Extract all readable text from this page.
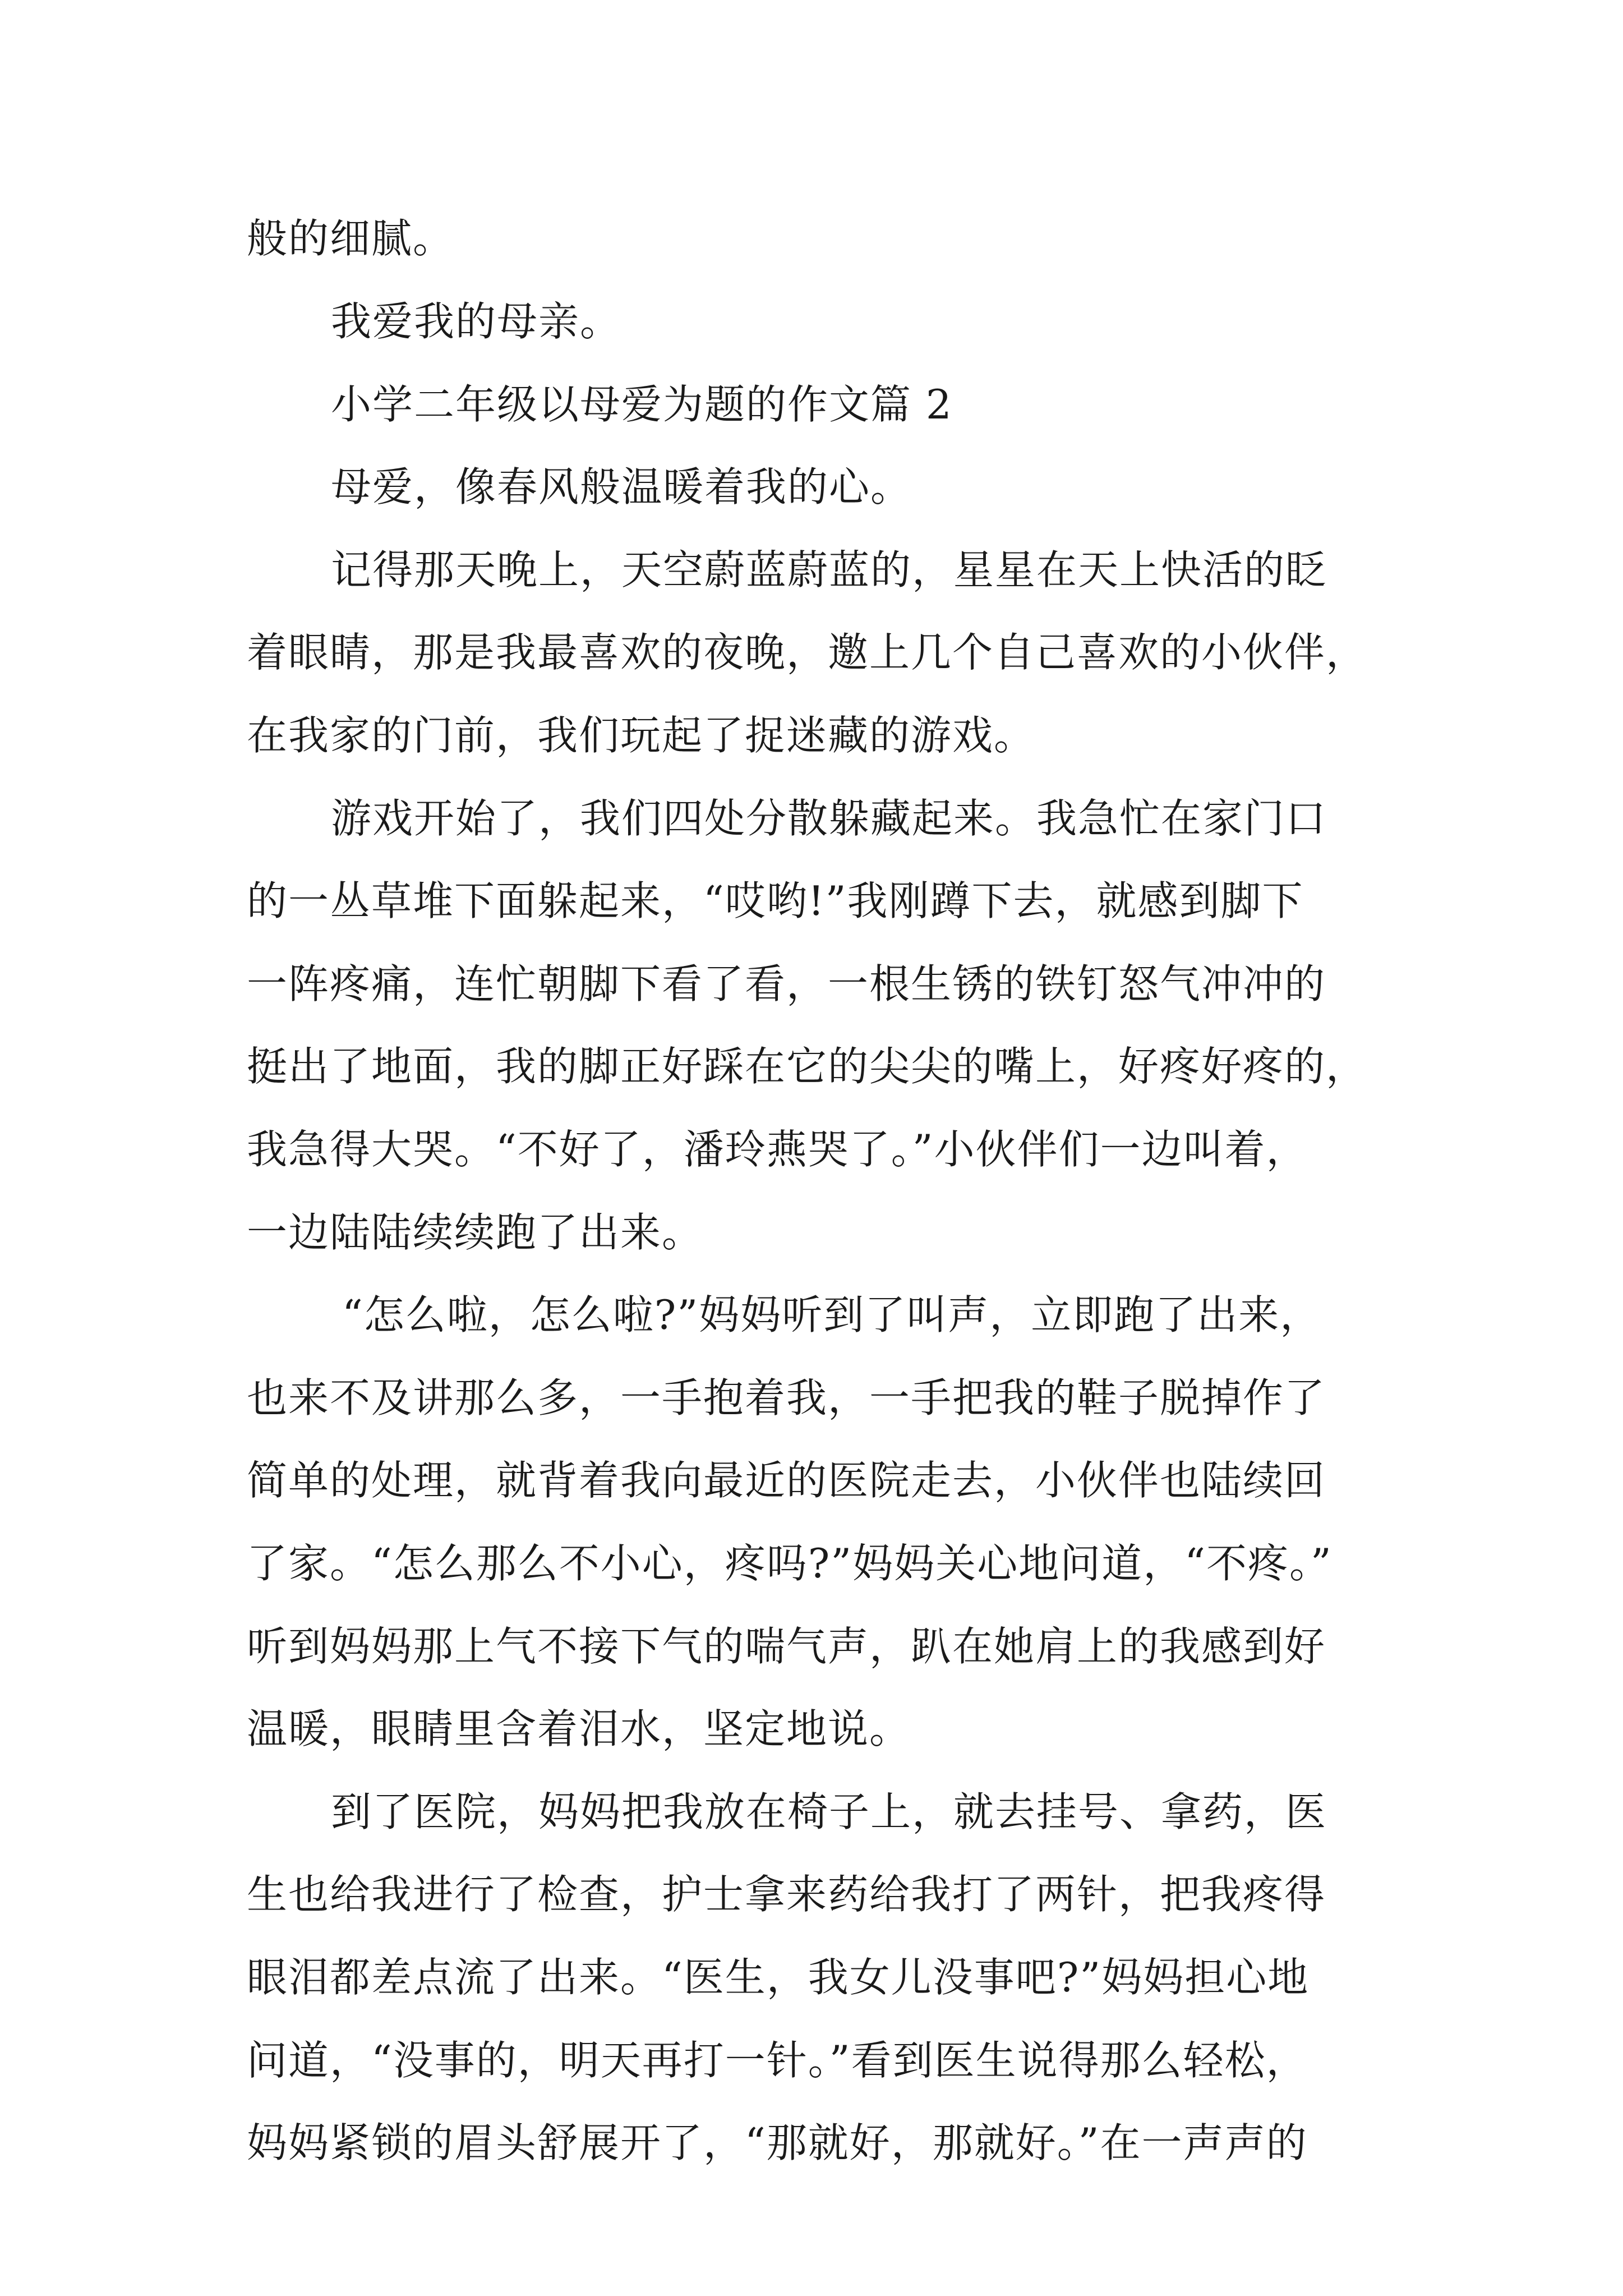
般的细腻。
我爱我的母亲。
小学二年级以母爱为题的作文篇 2
母爱，像春风般温暖着我的心。
记得那天晚上，天空蔚蓝蔚蓝的，星星在天上快活的眨
着眼睛，那是我最喜欢的夜晚，邀上几个自己喜欢的小伙伴，
在我家的门前，我们玩起了捉迷藏的游戏。
游戏开始了，我们四处分散躲藏起来。我急忙在家门口
的一丛草堆下面躲起来，“哎哟!”我刚蹲下去，就感到脚下
一阵疼痛，连忙朝脚下看了看，一根生锈的铁钉怒气冲冲的
挺出了地面，我的脚正好踩在它的尖尖的嘴上，好疼好疼的，
我急得大哭。“不好了，潘玲燕哭了。”小伙伴们一边叫着，
一边陆陆续续跑了出来。
“怎么啦，怎么啦?”妈妈听到了叫声，立即跑了出来，
也来不及讲那么多，一手抱着我，一手把我的鞋子脱掉作了
简单的处理，就背着我向最近的医院走去，小伙伴也陆续回
了家。“怎么那么不小心，疼吗?”妈妈关心地问道，“不疼。”
听到妈妈那上气不接下气的喘气声，趴在她肩上的我感到好
温暖，眼睛里含着泪水，坚定地说。
到了医院，妈妈把我放在椅子上，就去挂号、拿药，医
生也给我进行了检查，护士拿来药给我打了两针，把我疼得
眼泪都差点流了出来。“医生，我女儿没事吧?”妈妈担心地
问道，“没事的，明天再打一针。”看到医生说得那么轻松，
妈妈紧锁的眉头舒展开了，“那就好，那就好。”在一声声的
